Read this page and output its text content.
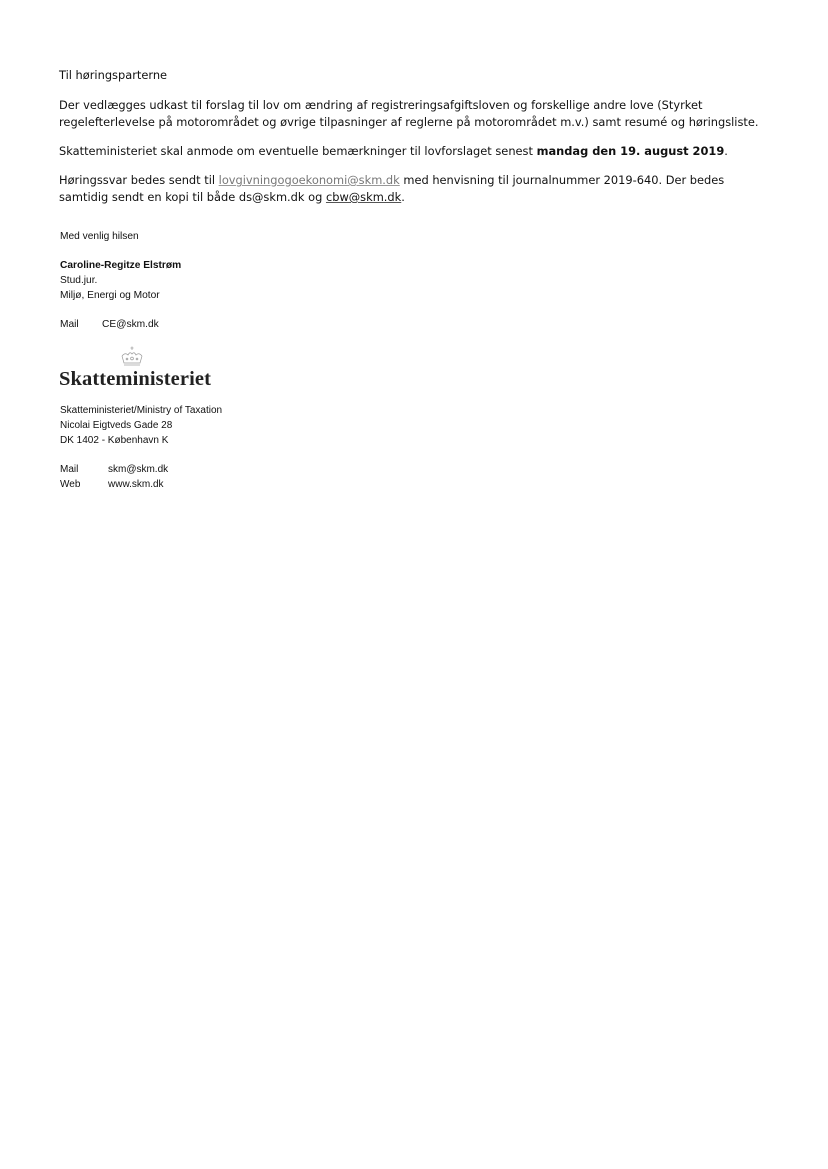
Til høringsparterne

Der vedlægges udkast til forslag til lov om ændring af registreringsafgiftsloven og forskellige andre love (Styrket regelefterlevelse på motorområdet og øvrige tilpasninger af reglerne på motorområdet m.v.) samt resumé og høringsliste.

Skatteministeriet skal anmode om eventuelle bemærkninger til lovforslaget senest mandag den 19. august 2019.

Høringssvar bedes sendt til lovgivningogoekonomi@skm.dk med henvisning til journalnummer 2019-640. Der bedes samtidig sendt en kopi til både ds@skm.dk og cbw@skm.dk.

Med venlig hilsen
Caroline-Regitze Elstrøm
Stud.jur.
Miljø, Energi og Motor
Mail CE@skm.dk
Skatteministeriet
Skatteministeriet/Ministry of Taxation
Nicolai Eigtveds Gade 28
DK 1402 - København K
Mail	skm@skm.dk
Web	www.skm.dk
